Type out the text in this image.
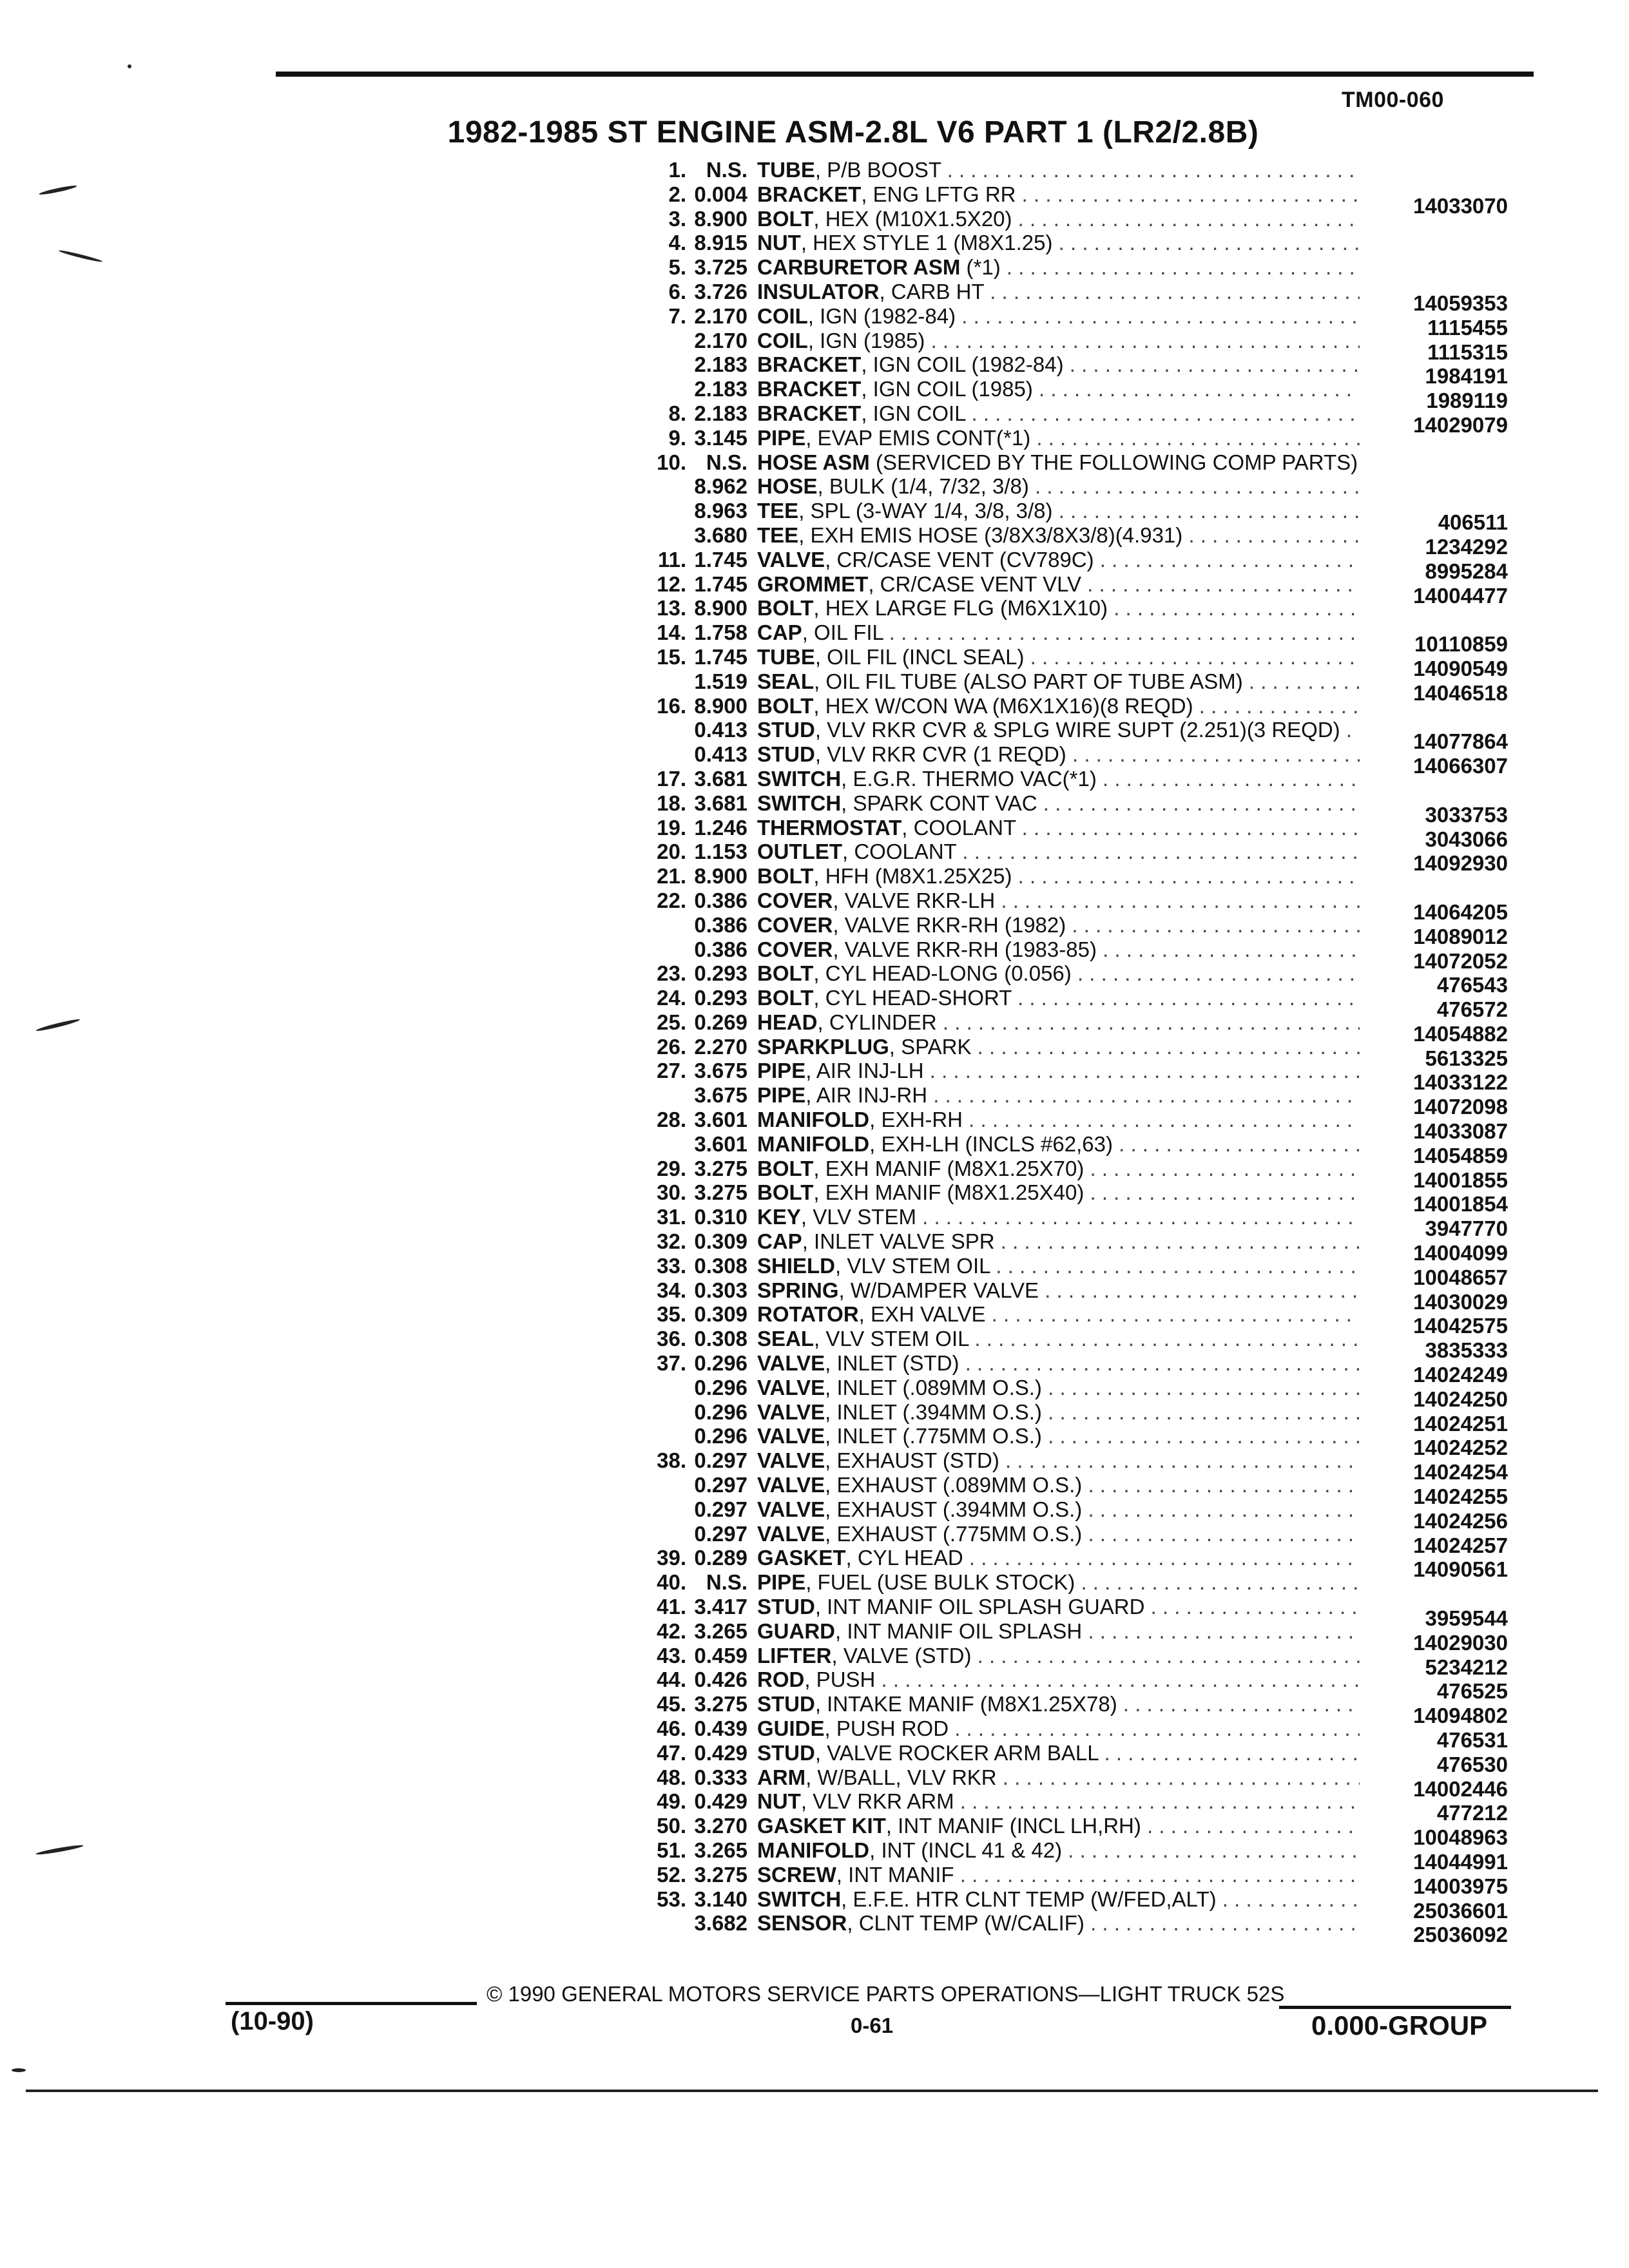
TM00-060
1982-1985 ST ENGINE ASM-2.8L V6 PART 1 (LR2/2.8B)
1. N.S. TUBE, P/B BOOST . . .
2. 0.004 BRACKET, ENG LFTG RR . . .	14033070
3. 8.900 BOLT, HEX (M10X1.5X20) . . .
4. 8.915 NUT, HEX STYLE 1 (M8X1.25) . . .
5. 3.725 CARBURETOR ASM (*1) . . .
6. 3.726 INSULATOR, CARB HT . . .	14059353
7. 2.170 COIL, IGN (1982-84) . . .	1115455
2.170 COIL, IGN (1985) . . .	1115315
2.183 BRACKET, IGN COIL (1982-84) . . .	1984191
2.183 BRACKET, IGN COIL (1985) . . .	1989119
8. 2.183 BRACKET, IGN COIL . . .	14029079
9. 3.145 PIPE, EVAP EMIS CONT(*1) . . .
10. N.S. HOSE ASM (SERVICED BY THE FOLLOWING COMP PARTS) . . .
8.962 HOSE, BULK (1/4, 7/32, 3/8) . . .
8.963 TEE, SPL (3-WAY 1/4, 3/8, 3/8) . . .	406511
3.680 TEE, EXH EMIS HOSE (3/8X3/8X3/8)(4.931) . . .	1234292
11. 1.745 VALVE, CR/CASE VENT (CV789C) . . .	8995284
12. 1.745 GROMMET, CR/CASE VENT VLV . . .	14004477
13. 8.900 BOLT, HEX LARGE FLG (M6X1X10) . . .
14. 1.758 CAP, OIL FIL . . .	10110859
15. 1.745 TUBE, OIL FIL (INCL SEAL) . . .	14090549
1.519 SEAL, OIL FIL TUBE (ALSO PART OF TUBE ASM) . . .	14046518
16. 8.900 BOLT, HEX W/CON WA (M6X1X16)(8 REQD) . . .
0.413 STUD, VLV RKR CVR & SPLG WIRE SUPT (2.251)(3 REQD) . . .	14077864
0.413 STUD, VLV RKR CVR (1 REQD) . . .	14066307
17. 3.681 SWITCH, E.G.R. THERMO VAC(*1) . . .
18. 3.681 SWITCH, SPARK CONT VAC . . .	3033753
19. 1.246 THERMOSTAT, COOLANT . . .	3043066
20. 1.153 OUTLET, COOLANT . . .	14092930
21. 8.900 BOLT, HFH (M8X1.25X25) . . .
22. 0.386 COVER, VALVE RKR-LH . . .	14064205
0.386 COVER, VALVE RKR-RH (1982) . . .	14089012
0.386 COVER, VALVE RKR-RH (1983-85) . . .	14072052
23. 0.293 BOLT, CYL HEAD-LONG (0.056) . . .	476543
24. 0.293 BOLT, CYL HEAD-SHORT . . .	476572
25. 0.269 HEAD, CYLINDER . . .	14054882
26. 2.270 SPARKPLUG, SPARK . . .	5613325
27. 3.675 PIPE, AIR INJ-LH . . .	14033122
3.675 PIPE, AIR INJ-RH . . .	14072098
28. 3.601 MANIFOLD, EXH-RH . . .	14033087
3.601 MANIFOLD, EXH-LH (INCLS #62,63) . . .	14054859
29. 3.275 BOLT, EXH MANIF (M8X1.25X70) . . .	14001855
30. 3.275 BOLT, EXH MANIF (M8X1.25X40) . . .	14001854
31. 0.310 KEY, VLV STEM . . .	3947770
32. 0.309 CAP, INLET VALVE SPR . . .	14004099
33. 0.308 SHIELD, VLV STEM OIL . . .	10048657
34. 0.303 SPRING, W/DAMPER VALVE . . .	14030029
35. 0.309 ROTATOR, EXH VALVE . . .	14042575
36. 0.308 SEAL, VLV STEM OIL . . .	3835333
37. 0.296 VALVE, INLET (STD) . . .	14024249
0.296 VALVE, INLET (.089MM O.S.) . . .	14024250
0.296 VALVE, INLET (.394MM O.S.) . . .	14024251
0.296 VALVE, INLET (.775MM O.S.) . . .	14024252
38. 0.297 VALVE, EXHAUST (STD) . . .	14024254
0.297 VALVE, EXHAUST (.089MM O.S.) . . .	14024255
0.297 VALVE, EXHAUST (.394MM O.S.) . . .	14024256
0.297 VALVE, EXHAUST (.775MM O.S.) . . .	14024257
39. 0.289 GASKET, CYL HEAD . . .	14090561
40. N.S. PIPE, FUEL (USE BULK STOCK) . . .
41. 3.417 STUD, INT MANIF OIL SPLASH GUARD . . .	3959544
42. 3.265 GUARD, INT MANIF OIL SPLASH . . .	14029030
43. 0.459 LIFTER, VALVE (STD) . . .	5234212
44. 0.426 ROD, PUSH . . .	476525
45. 3.275 STUD, INTAKE MANIF (M8X1.25X78) . . .	14094802
46. 0.439 GUIDE, PUSH ROD . . .	476531
47. 0.429 STUD, VALVE ROCKER ARM BALL . . .	476530
48. 0.333 ARM, W/BALL, VLV RKR . . .	14002446
49. 0.429 NUT, VLV RKR ARM . . .	477212
50. 3.270 GASKET KIT, INT MANIF (INCL LH,RH) . . .	10048963
51. 3.265 MANIFOLD, INT (INCL 41 & 42) . . .	14044991
52. 3.275 SCREW, INT MANIF . . .	14003975
53. 3.140 SWITCH, E.F.E. HTR CLNT TEMP (W/FED,ALT) . . .	25036601
3.682 SENSOR, CLNT TEMP (W/CALIF) . . .	25036092
© 1990 GENERAL MOTORS SERVICE PARTS OPERATIONS—LIGHT TRUCK 52S
(10-90)	0-61	0.000-GROUP
